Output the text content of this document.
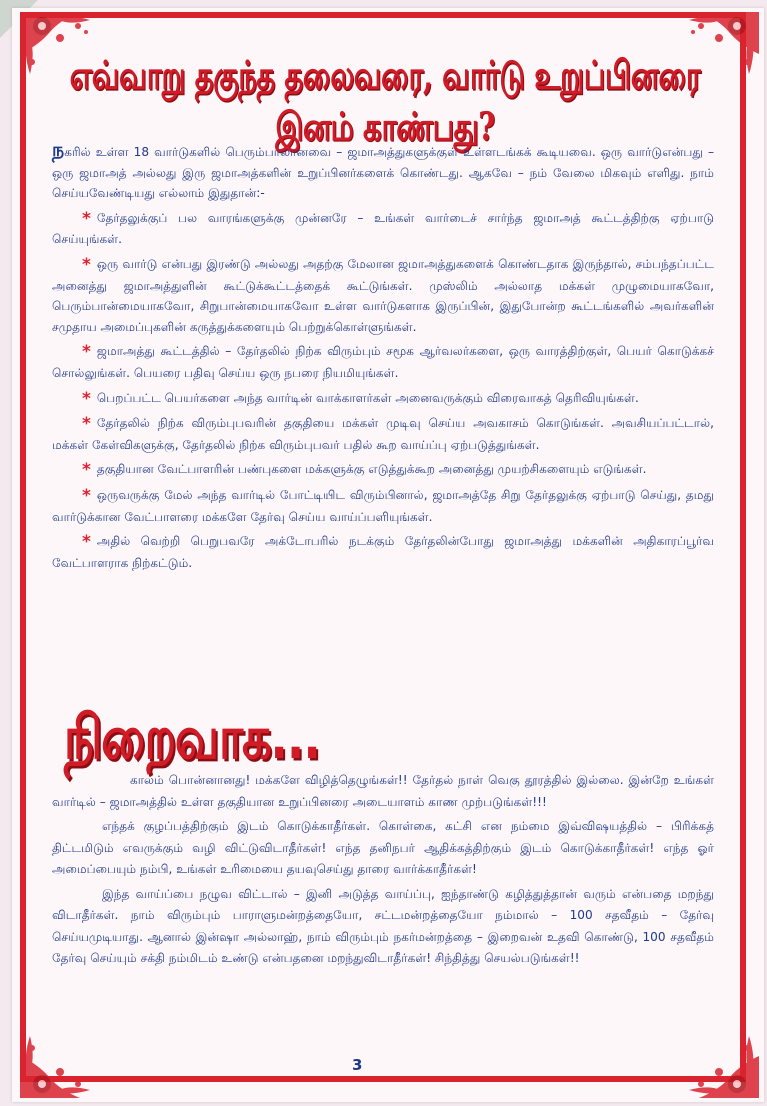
எவ்வாறு தகுந்த தலைவரை, வார்டு உறுப்பினரை இனம் காண்பது?

நகரில் உள்ள 18 வார்டுகளில் பெரும்பாலானவை – ஜமாஅத்துகளுக்குள் உள்ளடங்கக் கூடியவை. ஒரு வார்டுஎன்பது – ஒரு ஜமாஅத் அல்லது இரு ஜமாஅத்களின் உறுப்பினர்களைக் கொண்டது. ஆகவே – நம் வேலை மிகவும் எளிது. நாம் செய்யவேண்டியது எல்லாம் இதுதான்:-

* தேர்தலுக்குப் பல வாரங்களுக்கு முன்னரே – உங்கள் வார்டைச் சார்ந்த ஜமாஅத் கூட்டத்திற்கு ஏற்பாடு செய்யுங்கள்.

* ஒரு வார்டு என்பது இரண்டு அல்லது அதற்கு மேலான ஜமாஅத்துகளைக் கொண்டதாக இருந்தால், சம்பந்தப்பட்ட அனைத்து ஜமாஅத்துளின் கூட்டுக்கூட்டத்தைக் கூட்டுங்கள். முஸ்லிம் அல்லாத மக்கள் முழுமையாகவோ, பெரும்பான்மையாகவோ, சிறுபான்மையாகவோ உள்ள வார்டுகளாக இருப்பின், இதுபோன்ற கூட்டங்களில் அவர்களின் சமுதாய அமைப்புகளின் கருத்துக்களையும் பெற்றுக்கொள்ளுங்கள்.

* ஜமாஅத்து கூட்டத்தில் – தேர்தலில் நிற்க விரும்பும் சமூக ஆர்வலர்களை, ஒரு வாரத்திற்குள், பெயர் கொடுக்கச் சொல்லுங்கள். பெயரை பதிவு செய்ய ஒரு நபரை நியமியுங்கள்.

* பெறப்பட்ட பெயர்களை அந்த வார்டின் வாக்காளர்கள் அனைவருக்கும் விரைவாகத் தெரிவியுங்கள்.

* தேர்தலில் நிற்க விரும்புபவரின் தகுதியை மக்கள் முடிவு செய்ய அவகாசம் கொடுங்கள். அவசியப்பட்டால், மக்கள் கேள்விகளுக்கு, தேர்தலில் நிற்க விரும்புபவர் பதில் கூற வாய்ப்பு ஏற்படுத்துங்கள்.

* தகுதியான வேட்பாளரின் பண்புகளை மக்களுக்கு எடுத்துக்கூற அனைத்து முயற்சிகளையும் எடுங்கள்.

* ஒருவருக்கு மேல் அந்த வார்டில் போட்டியிட விரும்பினால், ஜமாஅத்தே சிறு தேர்தலுக்கு ஏற்பாடு செய்து, தமது வார்டுக்கான வேட்பாளரை மக்களே தேர்வு செய்ய வாய்ப்பளியுங்கள்.

* அதில் வெற்றி பெறுபவரே அக்டோபரில் நடக்கும் தேர்தலின்போது ஜமாஅத்து மக்களின் அதிகாரப்பூர்வ வேட்பாளராக நிற்கட்டும்.

நிறைவாக...

காலம் பொன்னானது! மக்களே விழித்தெழுங்கள்!! தேர்தல் நாள் வெகு தூரத்தில் இல்லை. இன்றே உங்கள் வார்டில் – ஜமாஅத்தில் உள்ள தகுதியான உறுப்பினரை அடையாளம் காண முற்படுங்கள்!!!

எந்தக் குழப்பத்திற்கும் இடம் கொடுக்காதீர்கள். கொள்கை, கட்சி என நம்மை இவ்விஷயத்தில் – பிரிக்கத் திட்டமிடும் எவருக்கும் வழி விட்டுவிடாதீர்கள்! எந்த தனிநபர் ஆதிக்கத்திற்கும் இடம் கொடுக்காதீர்கள்! எந்த ஓர் அமைப்பையும் நம்பி, உங்கள் உரிமையை தயவுசெய்து தாரை வார்க்காதீர்கள்!

இந்த வாய்ப்பை நழுவ விட்டால் – இனி அடுத்த வாய்ப்பு, ஐந்தாண்டு கழித்துத்தான் வரும் என்பதை மறந்து விடாதீர்கள். நாம் விரும்பும் பாராளுமன்றத்தையோ, சட்டமன்றத்தையோ நம்மால் – 100 சதவீதம் – தேர்வு செய்யமுடியாது. ஆனால் இன்ஷா அல்லாஹ், நாம் விரும்பும் நகர்மன்றத்தை – இறைவன் உதவி கொண்டு, 100 சதவீதம் தேர்வு செய்யும் சக்தி நம்மிடம் உண்டு என்பதனை மறந்துவிடாதீர்கள்! சிந்தித்து செயல்படுங்கள்!!

3
